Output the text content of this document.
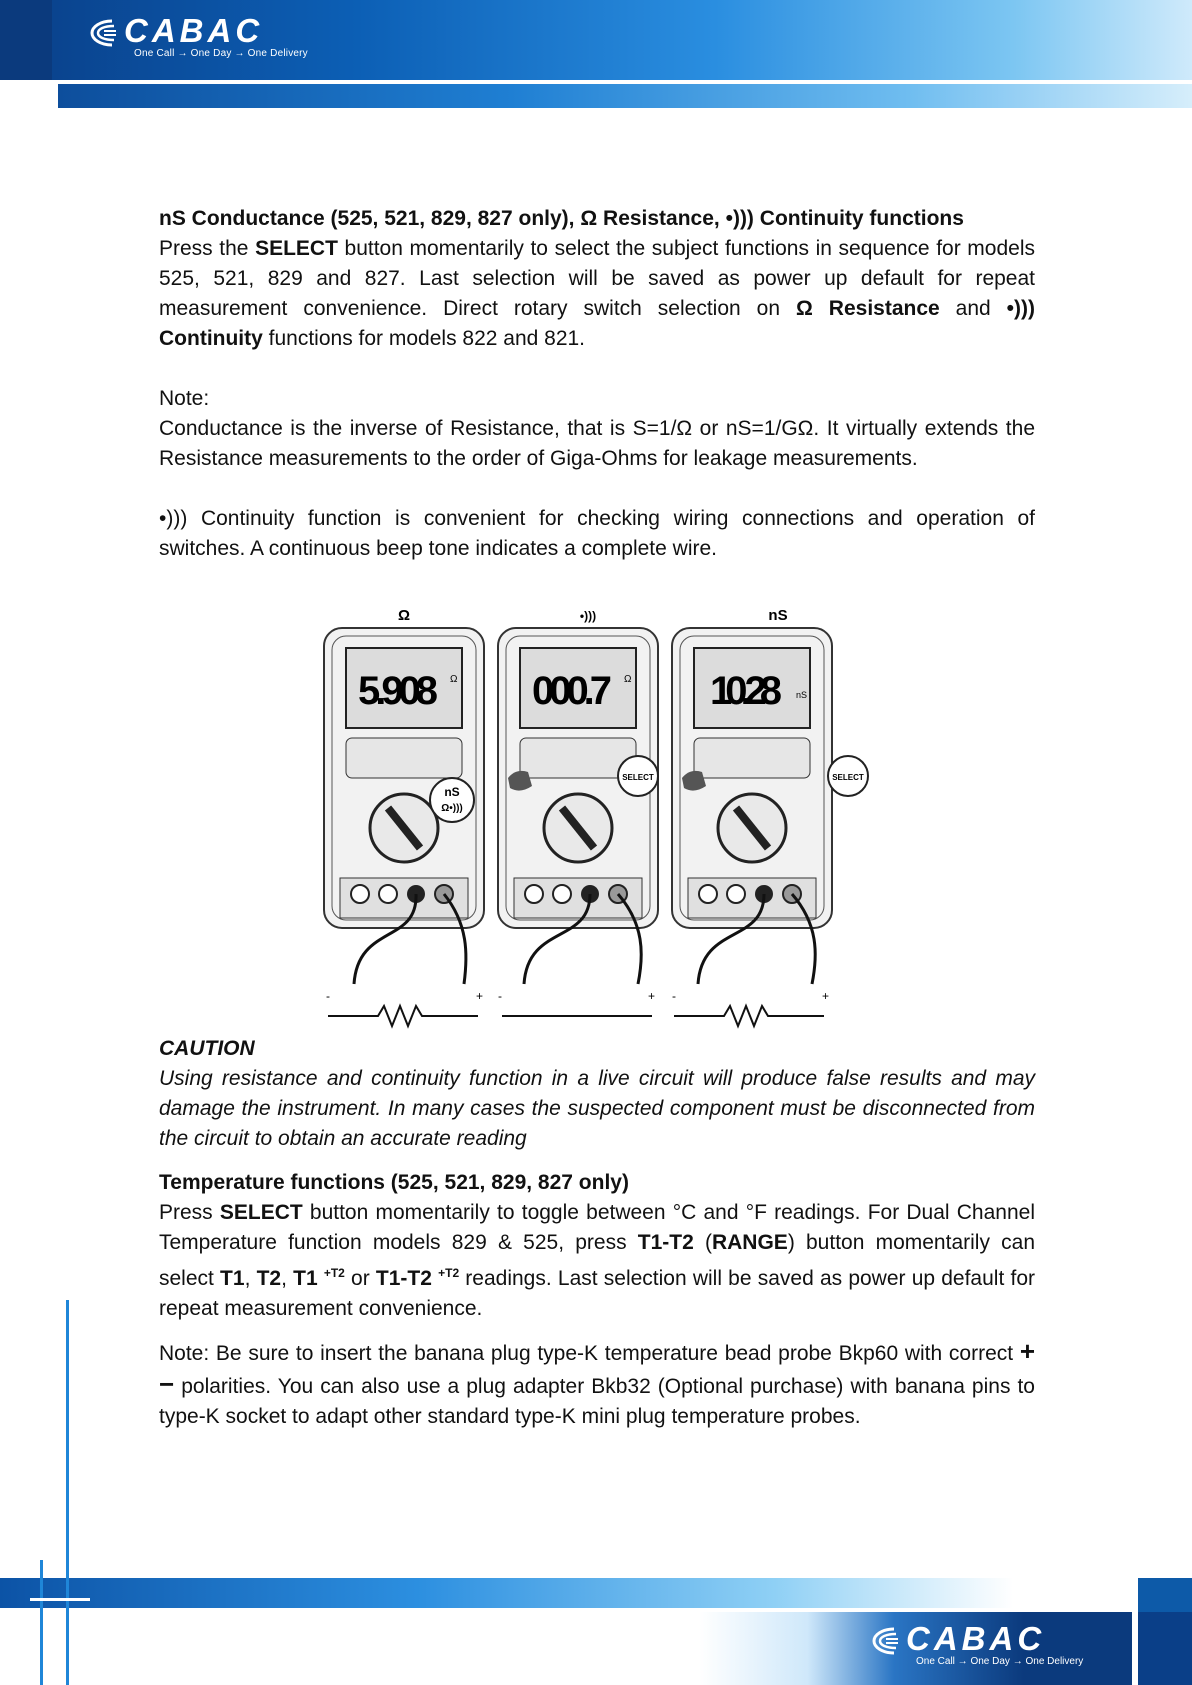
CABAC
One Call → One Day → One Delivery
nS Conductance (525, 521, 829, 827 only), Ω Resistance, •))) Continuity functions

Press the SELECT button momentarily to select the subject functions in sequence for models 525, 521, 829 and 827. Last selection will be saved as power up default for repeat measurement convenience. Direct rotary switch selection on Ω Resistance and •))) Continuity functions for models 822 and 821.

Note:

Conductance is the inverse of Resistance, that is S=1/Ω or nS=1/GΩ. It virtually extends the Resistance measurements to the order of Giga-Ohms for leakage measurements.

•))) Continuity function is convenient for checking wiring connections and operation of switches. A continuous beep tone indicates a complete wire.

Ω	•)))	nS
5.908 Ω
nS
Ω•)))
000.7 Ω
SELECT
10.28 nS
SELECT
-	+ -	+ -	+
CAUTION

Using resistance and continuity function in a live circuit will produce false results and may damage the instrument. In many cases the suspected component must be disconnected from the circuit to obtain an accurate reading

Temperature functions (525, 521, 829, 827 only)

Press SELECT button momentarily to toggle between °C and °F readings. For Dual Channel Temperature function models 829 & 525, press T1-T2 (RANGE) button momentarily can select T1, T2, T1 $^{+T2}$ or T1-T2 $^{+T2}$ readings. Last selection will be saved as power up default for repeat measurement convenience.

Note: Be sure to insert the banana plug type-K temperature bead probe Bkp60 with correct + − polarities. You can also use a plug adapter Bkb32 (Optional purchase) with banana pins to type-K socket to adapt other standard type-K mini plug temperature probes.

CABAC
One Call → One Day → One Delivery
